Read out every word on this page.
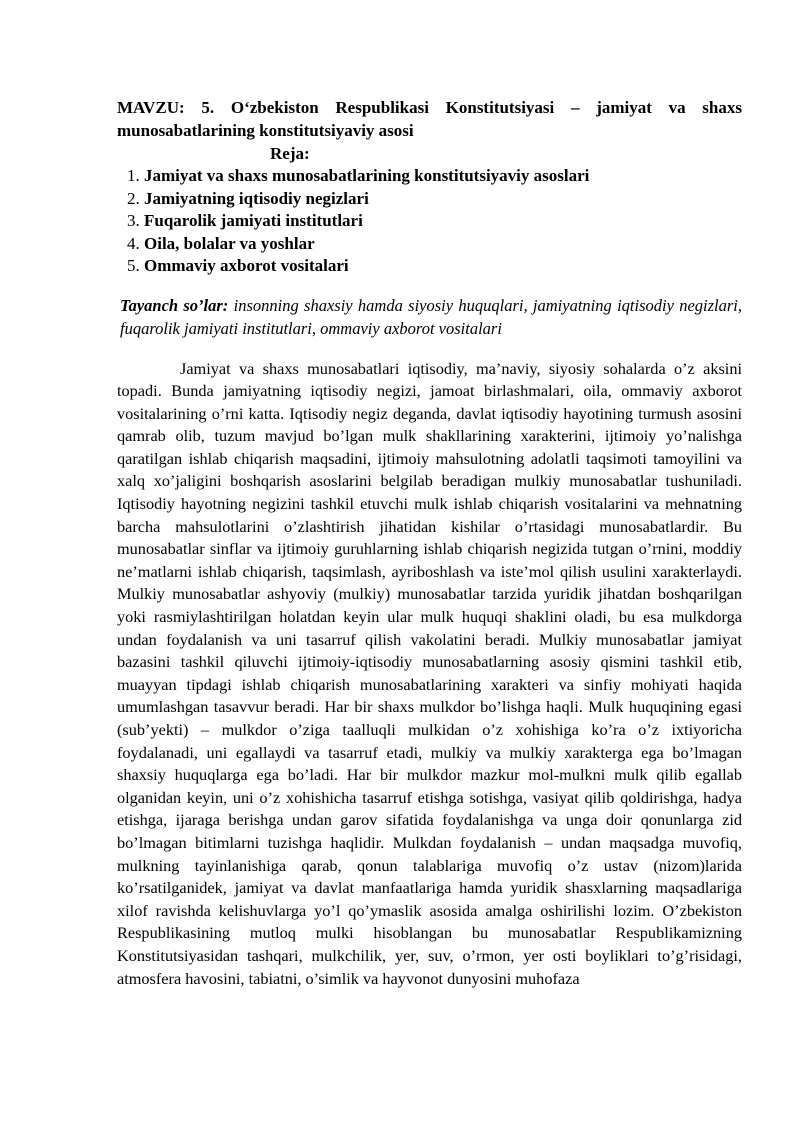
MAVZU: 5. O‘zbekiston Respublikasi Konstitutsiyasi – jamiyat va shaxs munosabatlarining konstitutsiyaviy asosi

Reja:

1. Jamiyat va shaxs munosabatlarining konstitutsiyaviy asoslari
2. Jamiyatning iqtisodiy negizlari
3. Fuqarolik jamiyati institutlari
4. Oila, bolalar va yoshlar
5. Ommaviy axborot vositalari

Tayanch so’lar: insonning shaxsiy hamda siyosiy huquqlari, jamiyatning iqtisodiy negizlari, fuqarolik jamiyati institutlari, ommaviy axborot vositalari

Jamiyat va shaxs munosabatlari iqtisodiy, ma’naviy, siyosiy sohalarda o’z aksini topadi. Bunda jamiyatning iqtisodiy negizi, jamoat birlashmalari, oila, ommaviy axborot vositalarining o’rni katta. Iqtisodiy negiz deganda, davlat iqtisodiy hayotining turmush asosini qamrab olib, tuzum mavjud bo’lgan mulk shakllarining xarakterini, ijtimoiy yo’nalishga qaratilgan ishlab chiqarish maqsadini, ijtimoiy mahsulotning adolatli taqsimoti tamoyilini va xalq xo’jaligini boshqarish asoslarini belgilab beradigan mulkiy munosabatlar tushuniladi. Iqtisodiy hayotning negizini tashkil etuvchi mulk ishlab chiqarish vositalarini va mehnatning barcha mahsulotlarini o’zlashtirish jihatidan kishilar o’rtasidagi munosabatlardir. Bu munosabatlar sinflar va ijtimoiy guruhlarning ishlab chiqarish negizida tutgan o’rnini, moddiy ne’matlarni ishlab chiqarish, taqsimlash, ayriboshlash va iste’mol qilish usulini xarakterlaydi. Mulkiy munosabatlar ashyoviy (mulkiy) munosabatlar tarzida yuridik jihatdan boshqarilgan yoki rasmiylashtirilgan holatdan keyin ular mulk huquqi shaklini oladi, bu esa mulkdorga undan foydalanish va uni tasarruf qilish vakolatini beradi. Mulkiy munosabatlar jamiyat bazasini tashkil qiluvchi ijtimoiy-iqtisodiy munosabatlarning asosiy qismini tashkil etib, muayyan tipdagi ishlab chiqarish munosabatlarining xarakteri va sinfiy mohiyati haqida umumlashgan tasavvur beradi. Har bir shaxs mulkdor bo’lishga haqli. Mulk huquqining egasi (sub’yekti) – mulkdor o’ziga taalluqli mulkidan o’z xohishiga ko’ra o’z ixtiyoricha foydalanadi, uni egallaydi va tasarruf etadi, mulkiy va mulkiy xarakterga ega bo’lmagan shaxsiy huquqlarga ega bo’ladi. Har bir mulkdor mazkur mol-mulkni mulk qilib egallab olganidan keyin, uni o’z xohishicha tasarruf etishga sotishga, vasiyat qilib qoldirishga, hadya etishga, ijaraga berishga undan garov sifatida foydalanishga va unga doir qonunlarga zid bo’lmagan bitimlarni tuzishga haqlidir. Mulkdan foydalanish – undan maqsadga muvofiq, mulkning tayinlanishiga qarab, qonun talablariga muvofiq o’z ustav (nizom)larida ko’rsatilganidek, jamiyat va davlat manfaatlariga hamda yuridik shasxlarning maqsadlariga xilof ravishda kelishuvlarga yo’l qo’ymaslik asosida amalga oshirilishi lozim. O’zbekiston Respublikasining mutloq mulki hisoblangan bu munosabatlar Respublikamizning Konstitutsiyasidan tashqari, mulkchilik, yer, suv, o’rmon, yer osti boyliklari to’g’risidagi, atmosfera havosini, tabiatni, o’simlik va hayvonot dunyosini muhofaza
